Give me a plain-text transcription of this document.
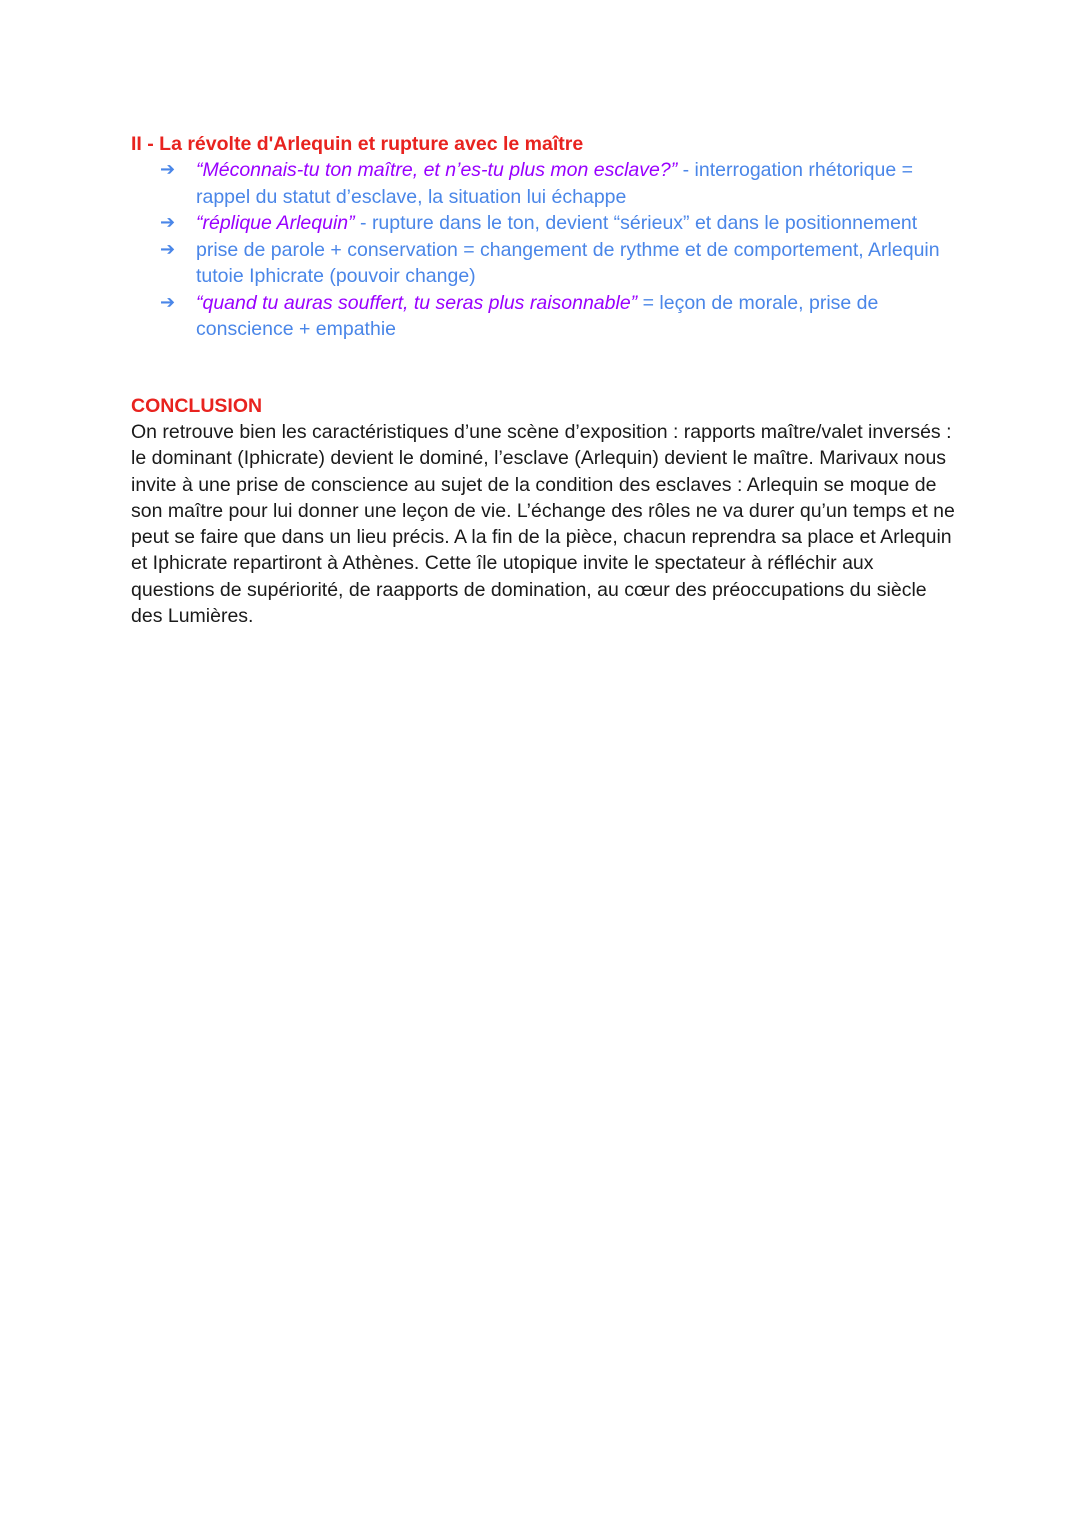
II - La révolte d'Arlequin et rupture avec le maître
➔	“Méconnais-tu ton maître, et n’es-tu plus mon esclave?” - interrogation rhétorique = rappel du statut d’esclave, la situation lui échappe
➔	“réplique Arlequin” - rupture dans le ton, devient “sérieux” et dans le positionnement
➔	prise de parole + conservation = changement de rythme et de comportement, Arlequin tutoie Iphicrate (pouvoir change)
➔	“quand tu auras souffert, tu seras plus raisonnable” = leçon de morale, prise de conscience + empathie
CONCLUSION
On retrouve bien les caractéristiques d’une scène d’exposition : rapports maître/valet inversés : le dominant (Iphicrate) devient le dominé, l’esclave (Arlequin) devient le maître. Marivaux nous invite à une prise de conscience au sujet de la condition des esclaves : Arlequin se moque de son maître pour lui donner une leçon de vie. L’échange des rôles ne va durer qu’un temps et ne peut se faire que dans un lieu précis. A la fin de la pièce, chacun reprendra sa place et Arlequin et Iphicrate repartiront à Athènes. Cette île utopique invite le spectateur à réfléchir aux questions de supériorité, de raapports de domination, au cœur des préoccupations du siècle des Lumières.
